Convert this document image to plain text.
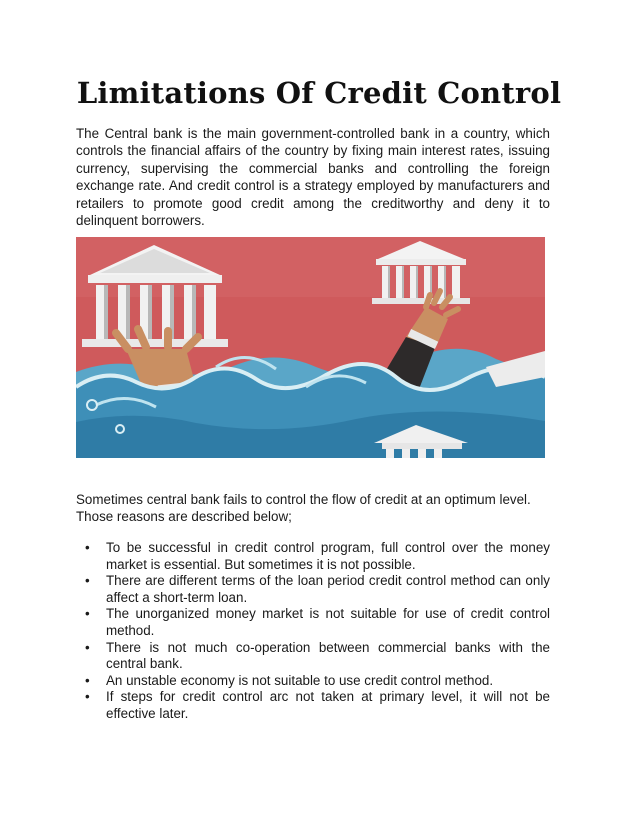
Limitations Of Credit Control

The Central bank is the main government-controlled bank in a country, which controls the financial affairs of the country by fixing main interest rates, issuing currency, supervising the commercial banks and controlling the foreign exchange rate. And credit control is a strategy employed by manufacturers and retailers to promote good credit among the creditworthy and deny it to delinquent borrowers.

Sometimes central bank fails to control the flow of credit at an optimum level. Those reasons are described below;

• To be successful in credit control program, full control over the money market is essential. But sometimes it is not possible.
• There are different terms of the loan period credit control method can only affect a short-term loan.
• The unorganized money market is not suitable for use of credit control method.
• There is not much co-operation between commercial banks with the central bank.
• An unstable economy is not suitable to use credit control method.
• If steps for credit control arc not taken at primary level, it will not be effective later.
